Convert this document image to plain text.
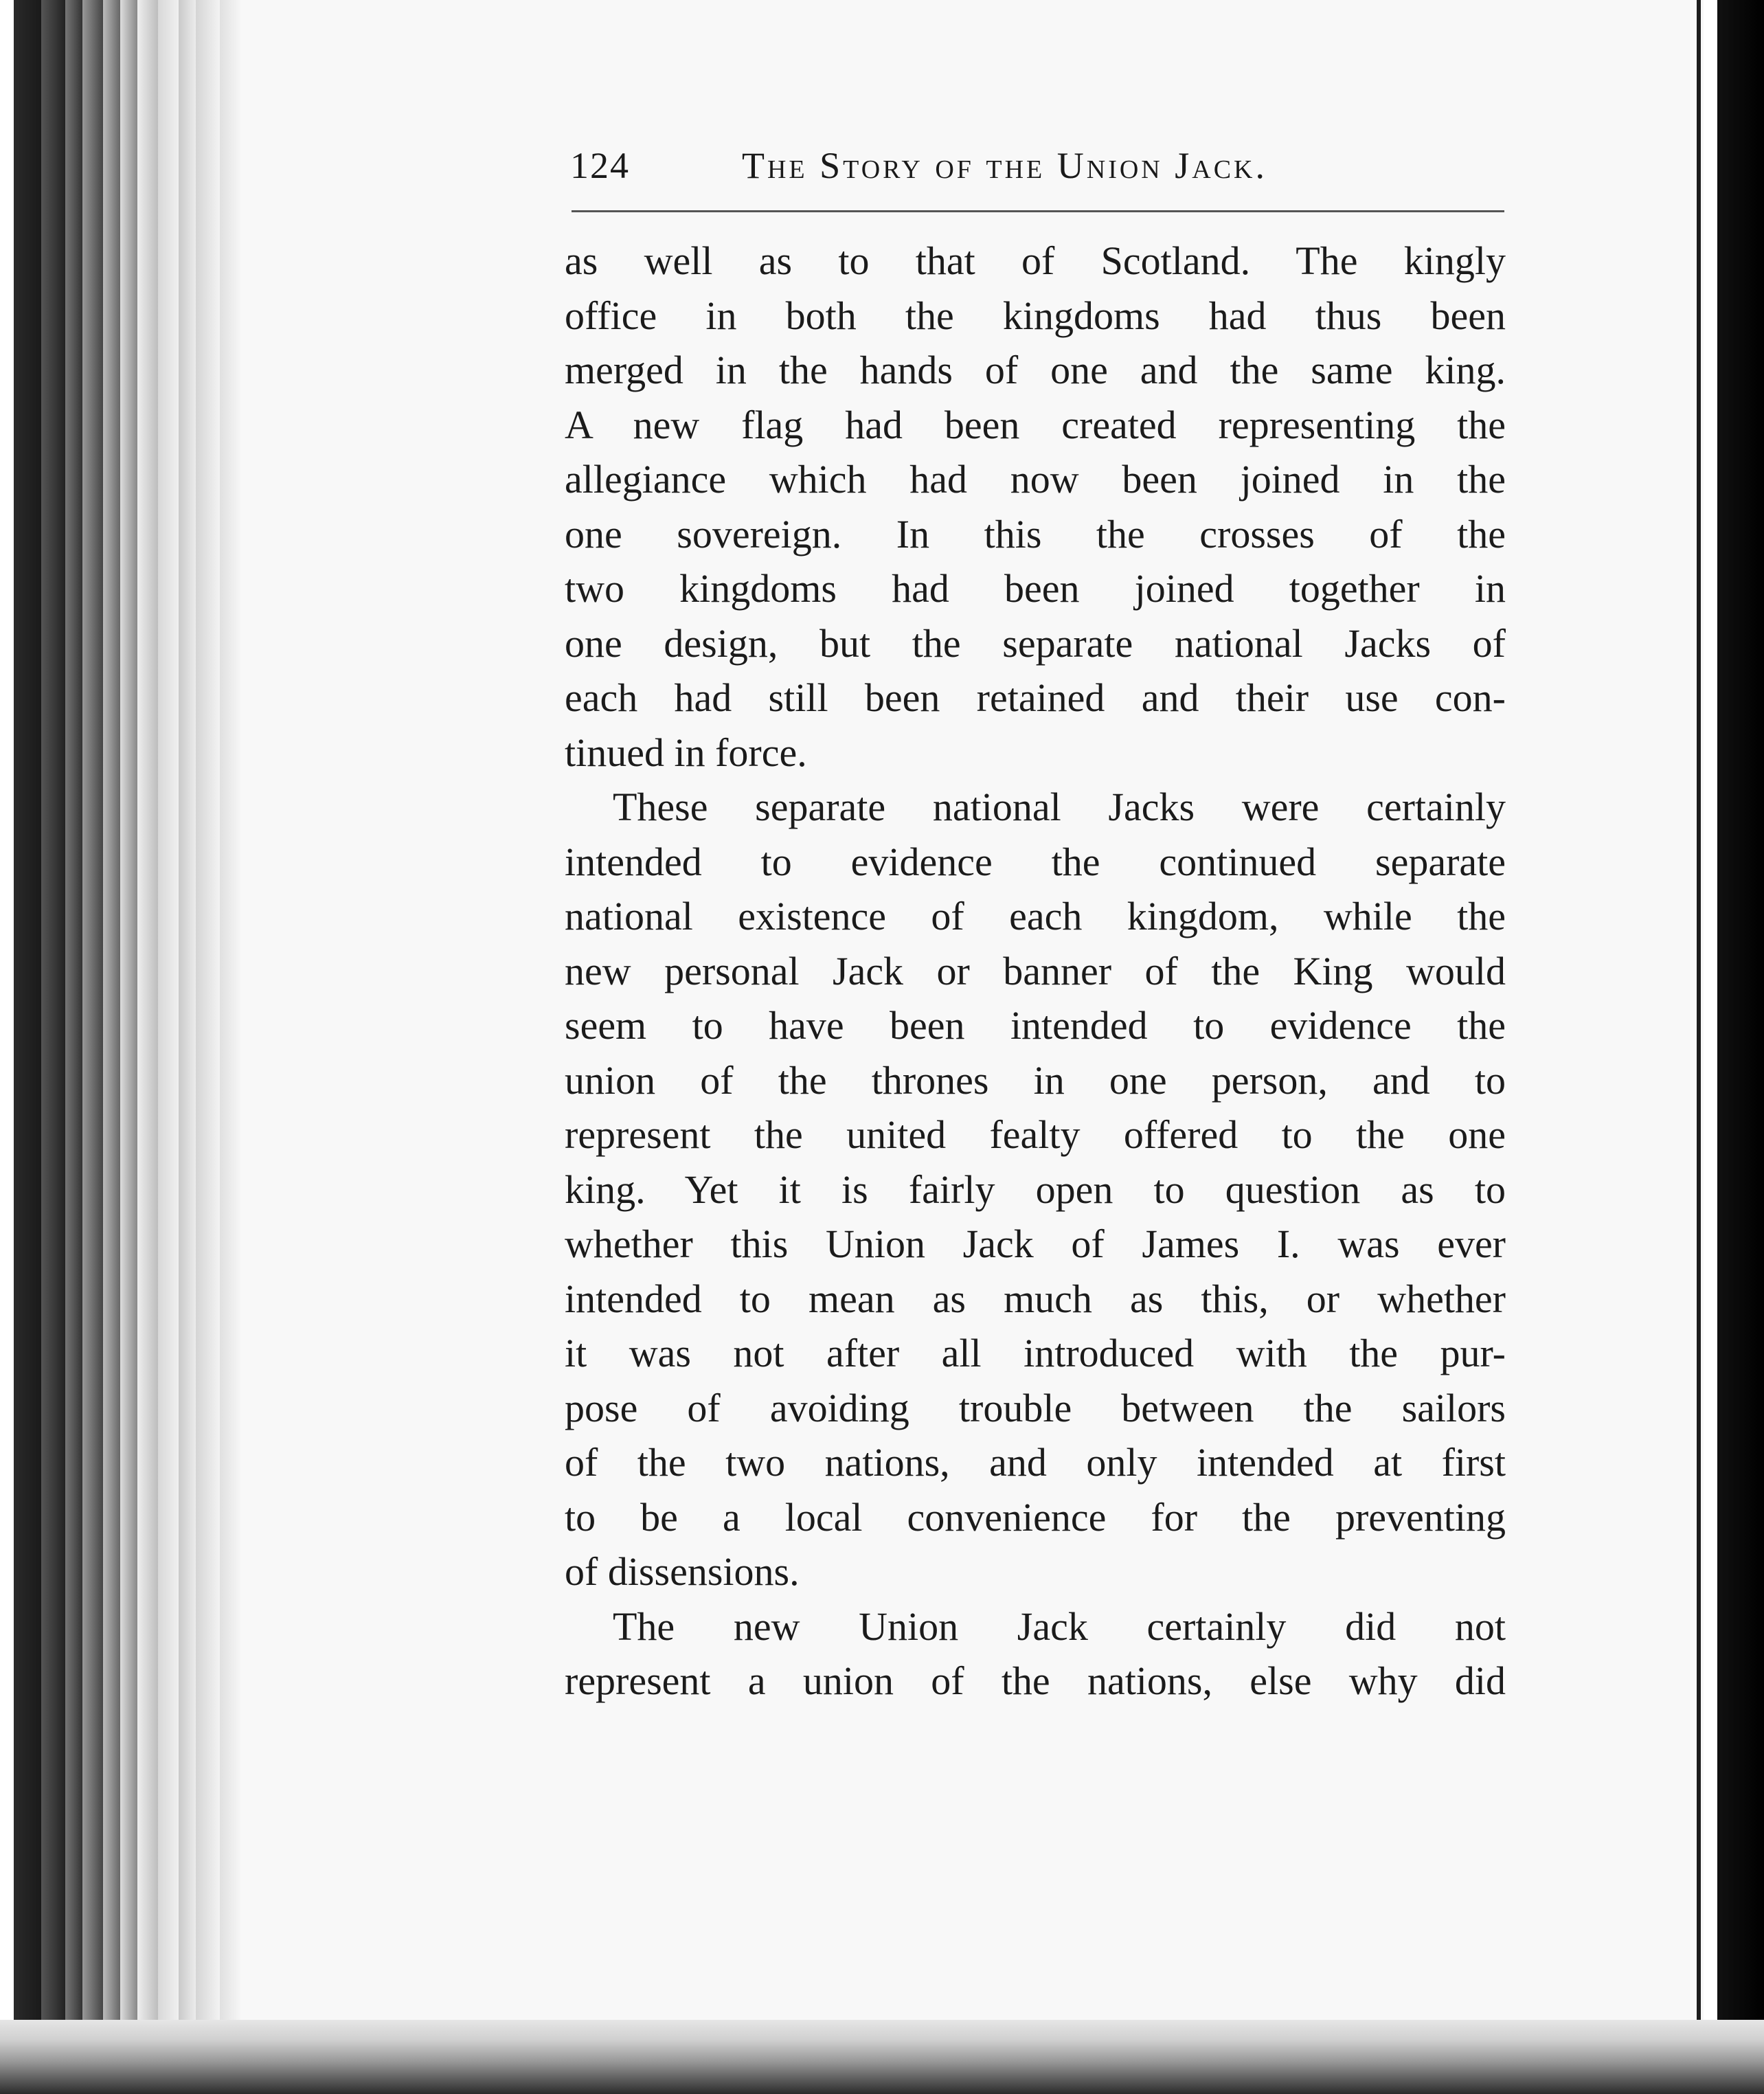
124	The Story of the Union Jack.
as well as to that of Scotland. The kingly
office in both the kingdoms had thus been
merged in the hands of one and the same king.
A new flag had been created representing the
allegiance which had now been joined in the
one sovereign. In this the crosses of the
two kingdoms had been joined together in
one design, but the separate national Jacks of
each had still been retained and their use con-
tinued in force.
These separate national Jacks were certainly
intended to evidence the continued separate
national existence of each kingdom, while the
new personal Jack or banner of the King would
seem to have been intended to evidence the
union of the thrones in one person, and to
represent the united fealty offered to the one
king. Yet it is fairly open to question as to
whether this Union Jack of James I. was ever
intended to mean as much as this, or whether
it was not after all introduced with the pur-
pose of avoiding trouble between the sailors
of the two nations, and only intended at first
to be a local convenience for the preventing
of dissensions.
The new Union Jack certainly did not
represent a union of the nations, else why did
